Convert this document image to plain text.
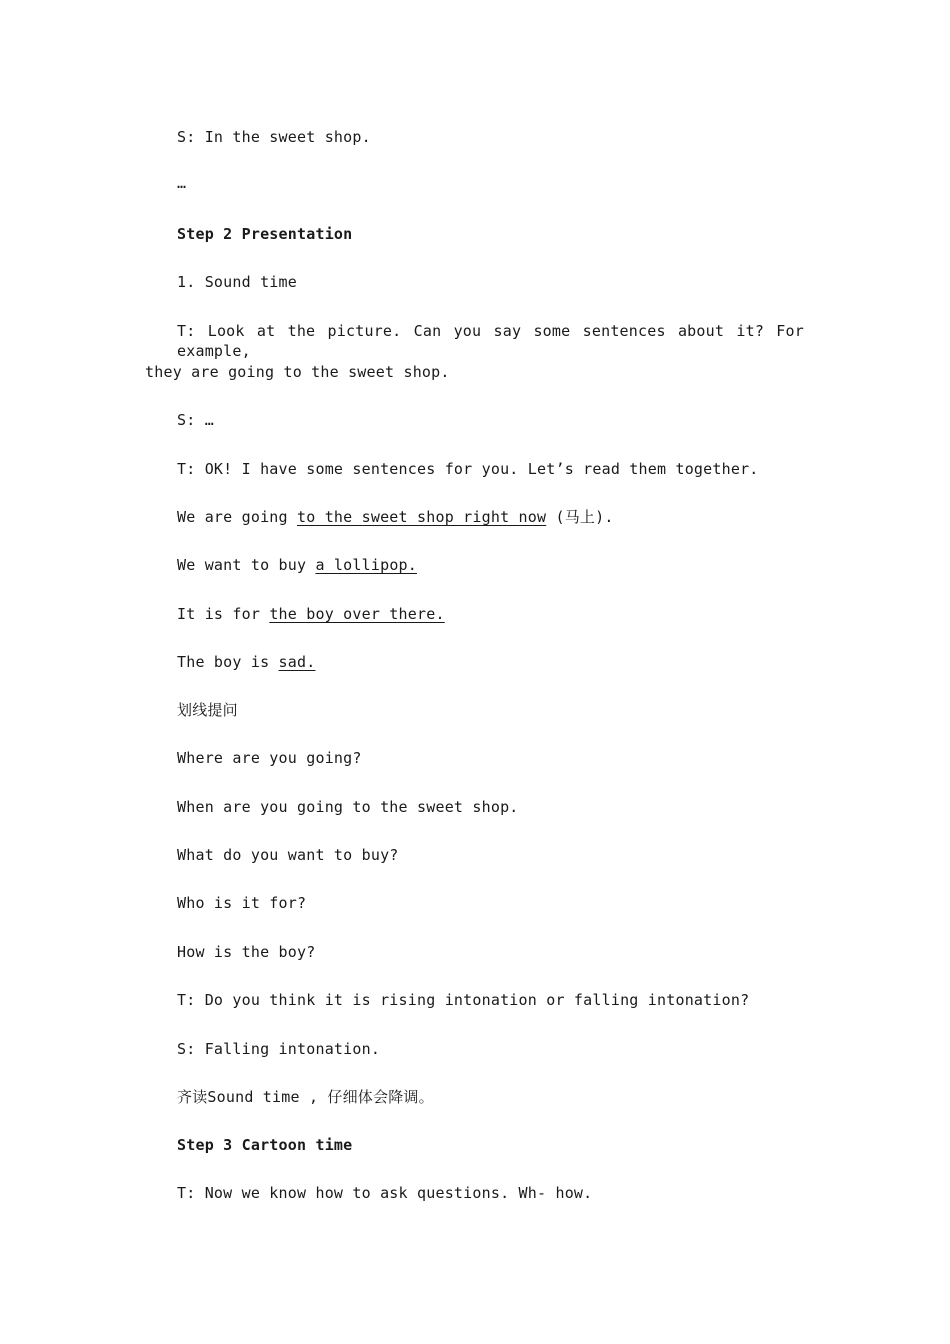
S: In the sweet shop.
…
Step 2 Presentation
1. Sound time
T: Look at the picture. Can you say some sentences about it? For example,
they are going to the sweet shop.
S: …
T: OK! I have some sentences for you. Let’s read them together.
We are going to the sweet shop right now (马上).
We want to buy a lollipop.
It is for the boy over there.
The boy is sad.
划线提问
Where are you going?
When are you going to the sweet shop.
What do you want to buy?
Who is it for?
How is the boy?
T: Do you think it is rising intonation or falling intonation?
S: Falling intonation.
齐读Sound time , 仔细体会降调。
Step 3 Cartoon time
T: Now we know how to ask questions. Wh- how.
